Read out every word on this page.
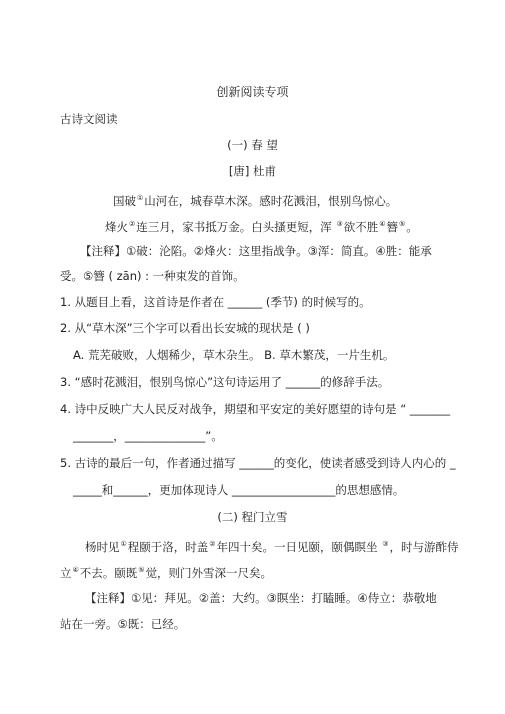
创新阅读专项
古诗文阅读
(一) 春 望
[唐] 杜甫
国破①山河在，城春草木深。感时花溅泪，恨别鸟惊心。
烽火②连三月，家书抵万金。白头搔更短，浑 ③欲不胜④簪⑤。
【注释】①破：沦陷。②烽火：这里指战争。③浑：简直。④胜：能承
受。⑤簪 ( zān) : 一种束发的首饰。
1. 从题目上看，这首诗是作者在 ______ (季节) 的时候写的。
2. 从“草木深”三个字可以看出长安城的现状是 ( )
A. 荒芜破败，人烟稀少，草木杂生。 B. 草木繁茂，一片生机。
3. “感时花溅泪，恨别鸟惊心”这句诗运用了 ______的修辞手法。
4. 诗中反映广大人民反对战争，期望和平安定的美好愿望的诗句是 “ _______
_______，______________”。
5. 古诗的最后一句，作者通过描写 ______的变化，使读者感受到诗人内心的 _
_____和______，更加体现诗人 __________________的思想感情。
(二) 程门立雪
杨时见①程颐于洛，时盖②年四十矣。一日见颐，颐偶瞑坐 ③，时与游酢侍
立④不去。颐既⑤觉，则门外雪深一尺矣。
【注释】①见：拜见。②盖：大约。③瞑坐：打瞌睡。④侍立：恭敬地
站在一旁。⑤既：已经。
